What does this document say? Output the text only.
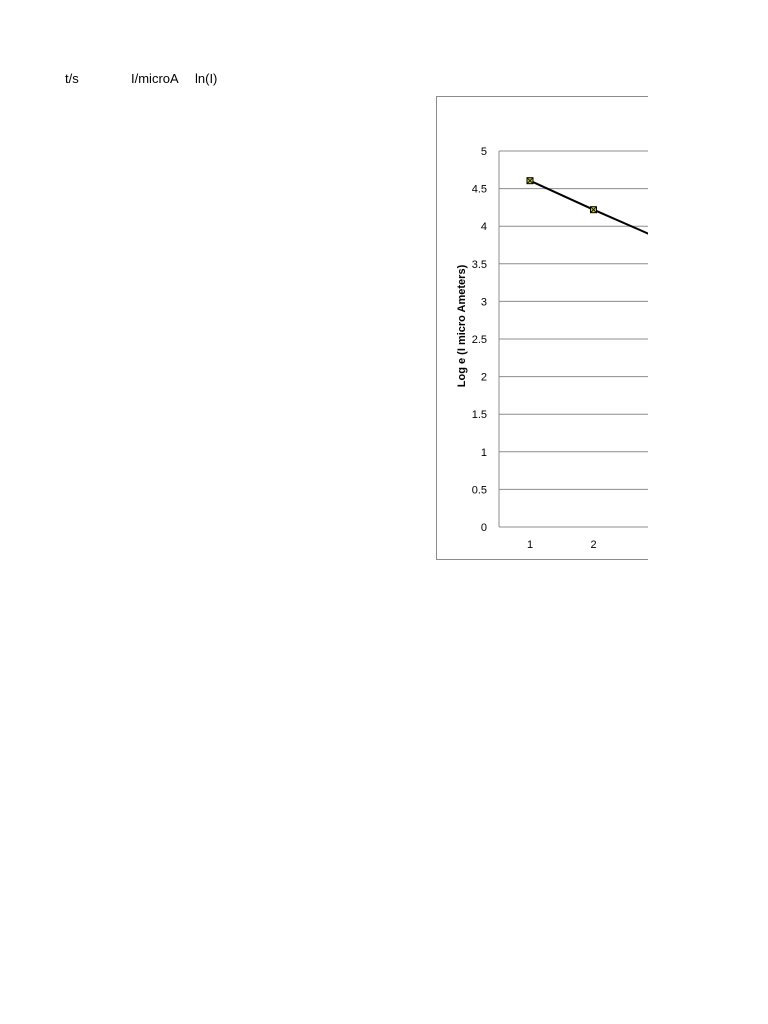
t/s	I/microA ln(I)
0
0.5
1
1.5
2
2.5
3
3.5
4
4.5
5
1	2
Log e (I micro Ameters)
